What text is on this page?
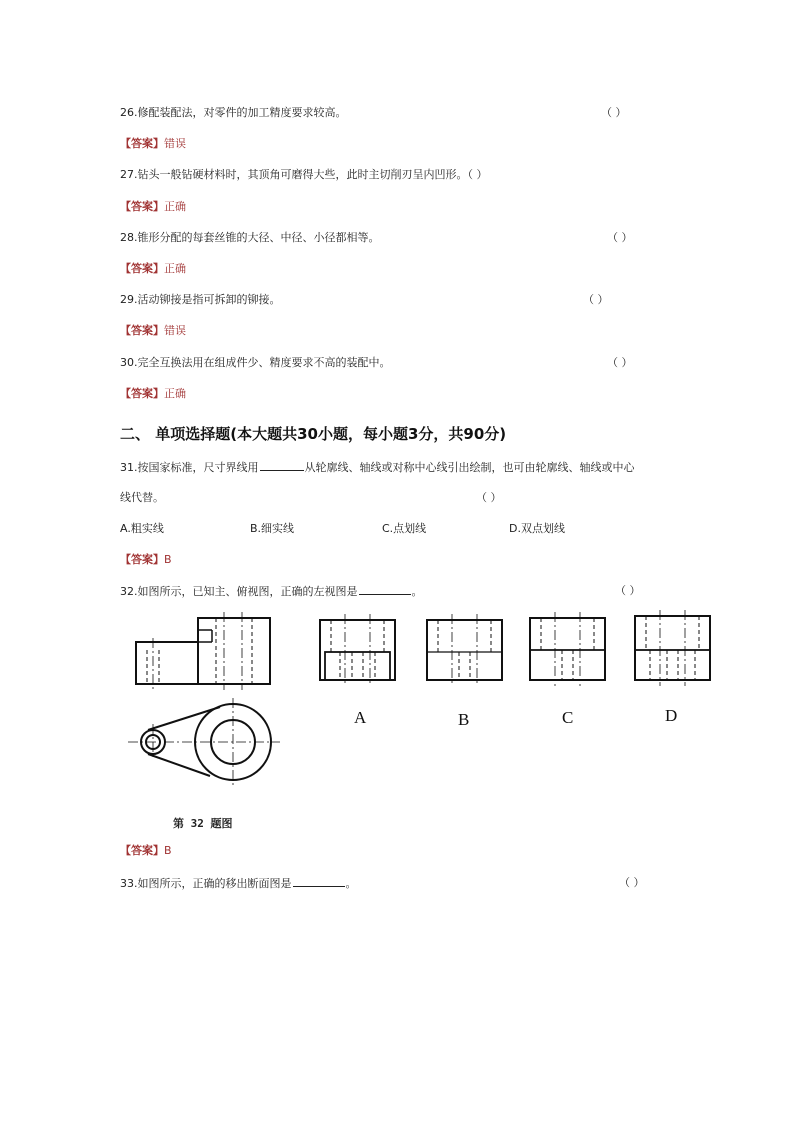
26.修配装配法，对零件的加工精度要求较高。	（ ）
【答案】错误
27.钻头一般钻硬材料时，其顶角可磨得大些，此时主切削刃呈内凹形。（ ）
【答案】正确
28.锥形分配的每套丝锥的大径、中径、小径都相等。	（ ）
【答案】正确
29.活动铆接是指可拆卸的铆接。	（ ）
【答案】错误
30.完全互换法用在组成件少、精度要求不高的装配中。	（ ）
【答案】正确
二、 单项选择题(本大题共30小题，每小题3分，共90分)
31.按国家标准，尺寸界线用	从轮廓线、轴线或对称中心线引出绘制，也可由轮廓线、轴线或中心
线代替。	（ ）
A.粗实线	B.细实线	C.点划线	D.双点划线
【答案】B
32.如图所示，已知主、俯视图，正确的左视图是	。	（ ）
A	B	C	D
第 32 题图
【答案】B
33.如图所示，正确的移出断面图是	。	（ ）
